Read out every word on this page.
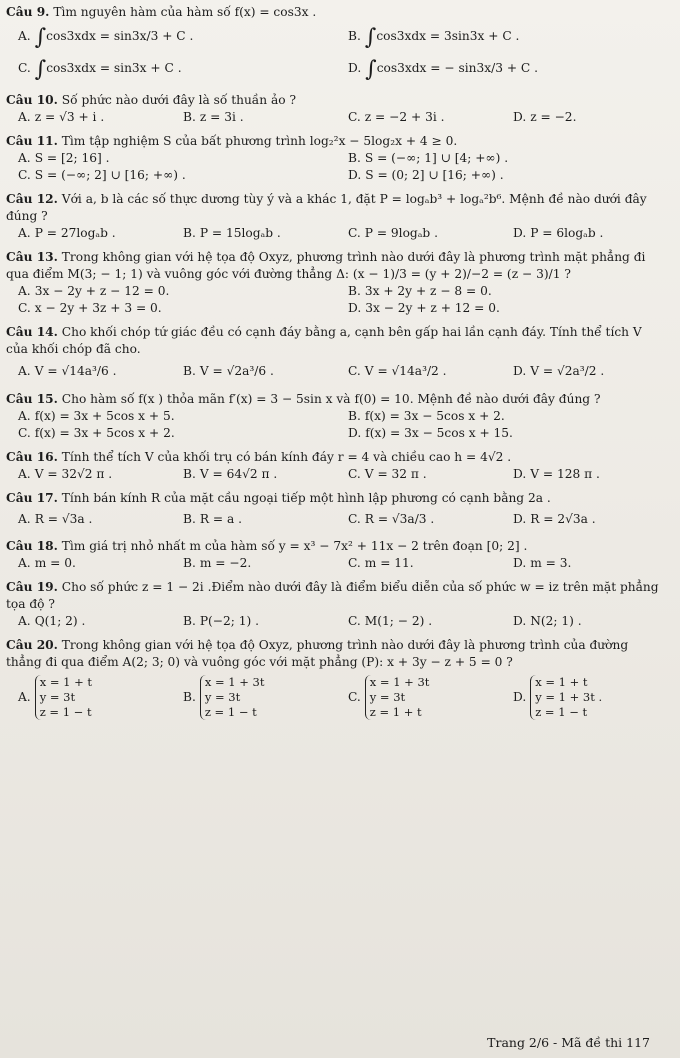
Câu 9. Tìm nguyên hàm của hàm số f(x) = cos3x .

A. ∫cos3xdx = sin3x/3 + C .	B. ∫cos3xdx = 3sin3x + C .
C. ∫cos3xdx = sin3x + C .	D. ∫cos3xdx = − sin3x/3 + C .

Câu 10. Số phức nào dưới đây là số thuần ảo ?

A. z = √3 + i .	B. z = 3i .	C. z = −2 + 3i .	D. z = −2.

Câu 11. Tìm tập nghiệm S của bất phương trình log₂²x − 5log₂x + 4 ≥ 0.

A. S = [2; 16] .	B. S = (−∞; 1] ∪ [4; +∞) .
C. S = (−∞; 2] ∪ [16; +∞) .	D. S = (0; 2] ∪ [16; +∞) .

Câu 12. Với a, b là các số thực dương tùy ý và a khác 1, đặt P = logₐb³ + logₐ²b⁶. Mệnh đề nào dưới đây đúng ?

A. P = 27logₐb .	B. P = 15logₐb .	C. P = 9logₐb .	D. P = 6logₐb .

Câu 13. Trong không gian với hệ tọa độ Oxyz, phương trình nào dưới đây là phương trình mặt phẳng đi qua điểm M(3; − 1; 1) và vuông góc với đường thẳng Δ: (x − 1)/3 = (y + 2)/−2 = (z − 3)/1 ?

A. 3x − 2y + z − 12 = 0.	B. 3x + 2y + z − 8 = 0.
C. x − 2y + 3z + 3 = 0.	D. 3x − 2y + z + 12 = 0.

Câu 14. Cho khối chóp tứ giác đều có cạnh đáy bằng a, cạnh bên gấp hai lần cạnh đáy. Tính thể tích V của khối chóp đã cho.

A. V = √14a³/6 .	B. V = √2a³/6 .	C. V = √14a³/2 .	D. V = √2a³/2 .

Câu 15. Cho hàm số f(x ) thỏa mãn f′(x) = 3 − 5sin x và f(0) = 10. Mệnh đề nào dưới đây đúng ?

A. f(x) = 3x + 5cos x + 5.	B. f(x) = 3x − 5cos x + 2.
C. f(x) = 3x + 5cos x + 2.	D. f(x) = 3x − 5cos x + 15.

Câu 16. Tính thể tích V của khối trụ có bán kính đáy r = 4 và chiều cao h = 4√2 .

A. V = 32√2 π .	B. V = 64√2 π .	C. V = 32 π .	D. V = 128 π .

Câu 17. Tính bán kính R của mặt cầu ngoại tiếp một hình lập phương có cạnh bằng 2a .

A. R = √3a .	B. R = a .	C. R = √3a/3 .	D. R = 2√3a .

Câu 18. Tìm giá trị nhỏ nhất m của hàm số y = x³ − 7x² + 11x − 2 trên đoạn [0; 2] .

A. m = 0.	B. m = −2.	C. m = 11.	D. m = 3.

Câu 19. Cho số phức z = 1 − 2i .Điểm nào dưới đây là điểm biểu diễn của số phức w = iz trên mặt phẳng tọa độ ?

A. Q(1; 2) .	B. P(−2; 1) .	C. M(1; − 2) .	D. N(2; 1) .

Câu 20. Trong không gian với hệ tọa độ Oxyz, phương trình nào dưới đây là phương trình của đường thẳng đi qua điểm A(2; 3; 0) và vuông góc với mặt phẳng (P): x + 3y − z + 5 = 0 ?

A.
x = 1 + t
y = 3t
z = 1 − t
B.
x = 1 + 3t
y = 3t
z = 1 − t
C.
x = 1 + 3t
y = 3t
z = 1 + t
D.
x = 1 + t
y = 1 + 3t .
z = 1 − t
Trang 2/6 - Mã đề thi 117
